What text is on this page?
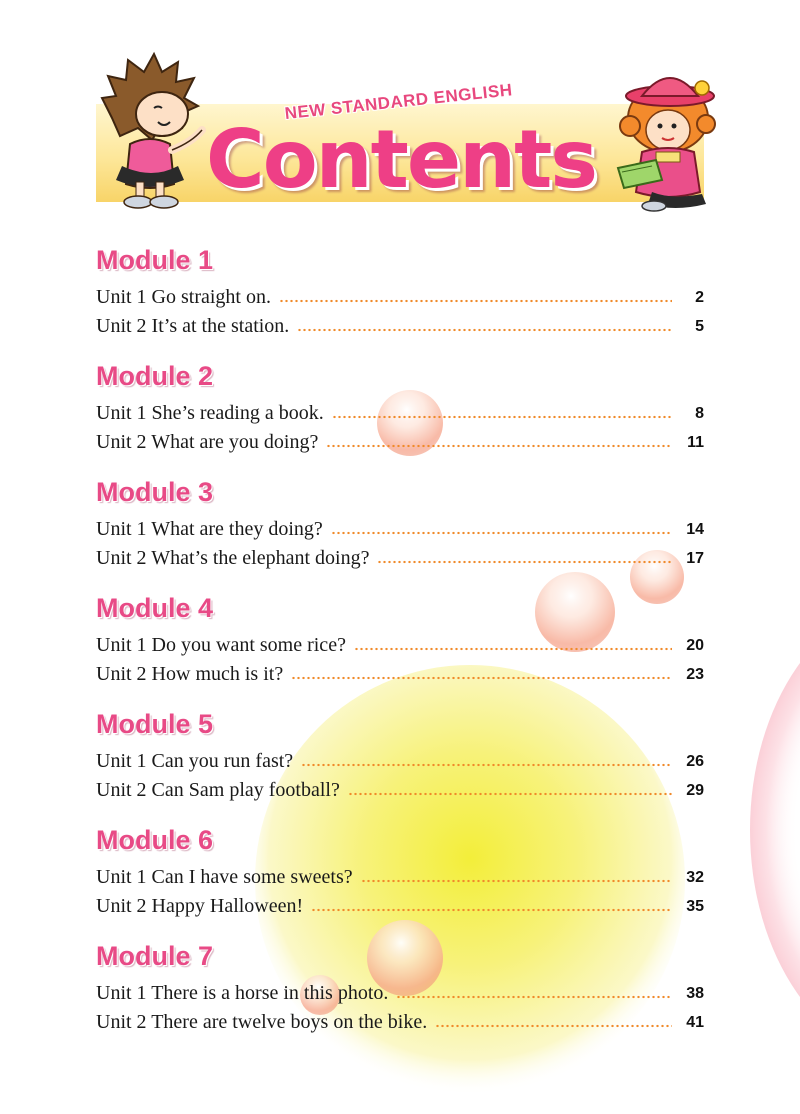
NEW STANDARD ENGLISH
Contents
Module 1
Unit 1 Go straight on.	2
Unit 2 It’s at the station.	5
Module 2
Unit 1 She’s reading a book.	8
Unit 2 What are you doing?	11
Module 3
Unit 1 What are they doing?	14
Unit 2 What’s the elephant doing?	17
Module 4
Unit 1 Do you want some rice?	20
Unit 2 How much is it?	23
Module 5
Unit 1 Can you run fast?	26
Unit 2 Can Sam play football?	29
Module 6
Unit 1 Can I have some sweets?	32
Unit 2 Happy Halloween!	35
Module 7
Unit 1 There is a horse in this photo.	38
Unit 2 There are twelve boys on the bike.	41
